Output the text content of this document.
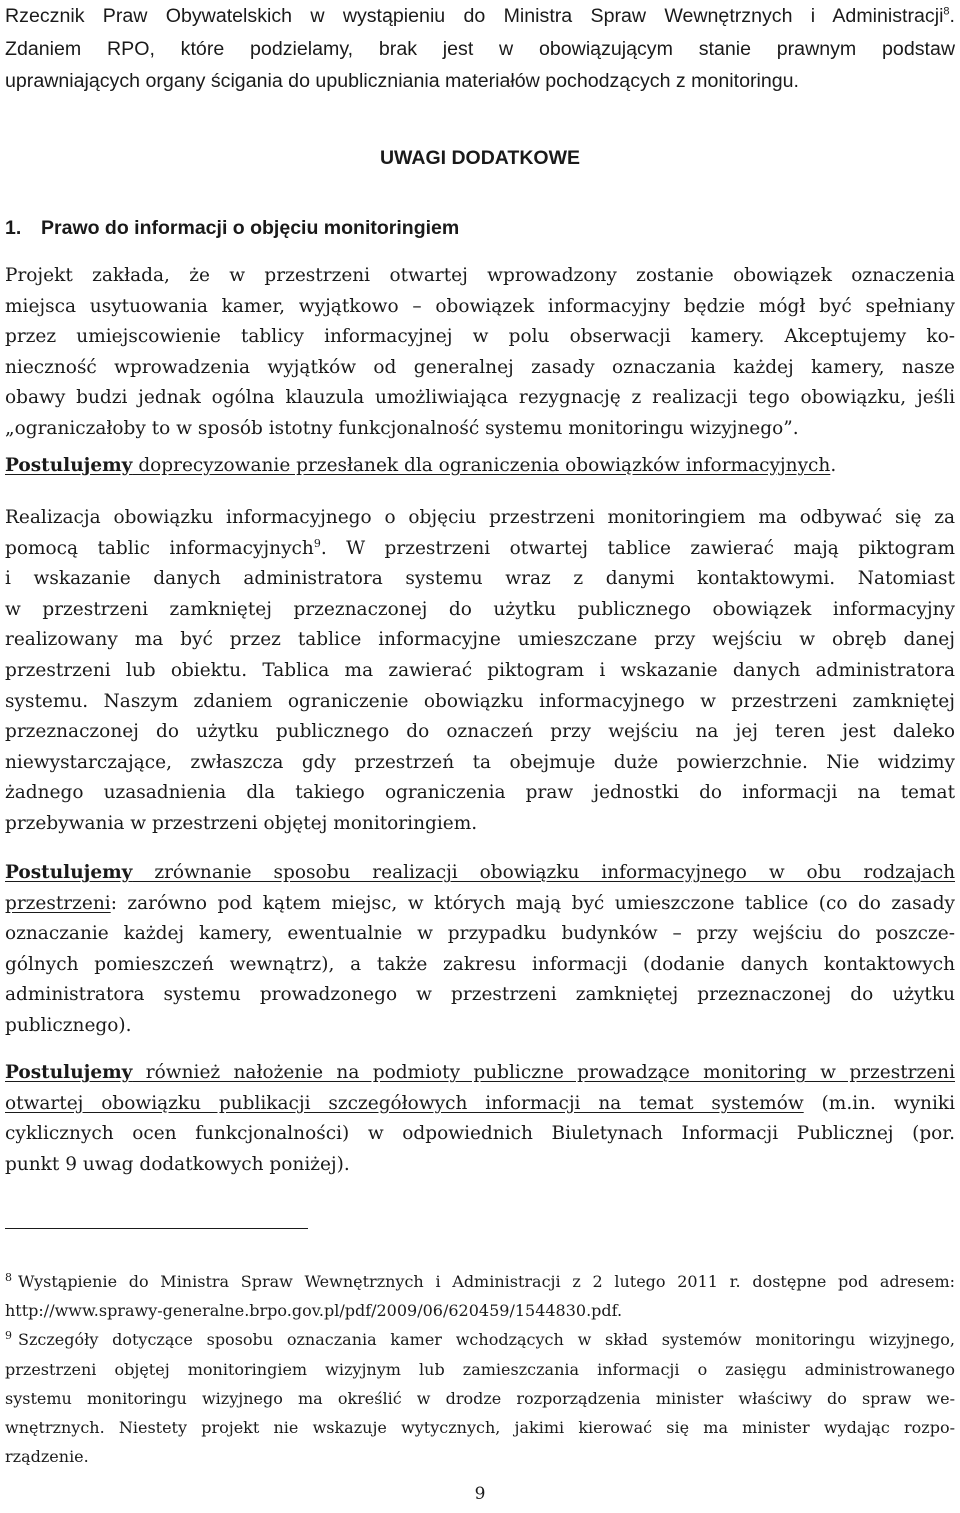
Rzecznik Praw Obywatelskich w wystąpieniu do Ministra Spraw Wewnętrznych i Administracji$^8$.
Zdaniem RPO, które podzielamy, brak jest w obowiązującym stanie prawnym podstaw
uprawniających organy ścigania do upubliczniania materiałów pochodzących z monitoringu.
UWAGI DODATKOWE
1. Prawo do informacji o objęciu monitoringiem
Projekt zakłada, że w przestrzeni otwartej wprowadzony zostanie obowiązek oznaczenia
miejsca usytuowania kamer, wyjątkowo – obowiązek informacyjny będzie mógł być spełniany
przez umiejscowienie tablicy informacyjnej w polu obserwacji kamery. Akceptujemy ko-
nieczność wprowadzenia wyjątków od generalnej zasady oznaczania każdej kamery, nasze
obawy budzi jednak ogólna klauzula umożliwiająca rezygnację z realizacji tego obowiązku, jeśli
„ograniczałoby to w sposób istotny funkcjonalność systemu monitoringu wizyjnego”.
Postulujemy doprecyzowanie przesłanek dla ograniczenia obowiązków informacyjnych.
Realizacja obowiązku informacyjnego o objęciu przestrzeni monitoringiem ma odbywać się za
pomocą tablic informacyjnych$^9$. W przestrzeni otwartej tablice zawierać mają piktogram
i wskazanie danych administratora systemu wraz z danymi kontaktowymi. Natomiast
w przestrzeni zamkniętej przeznaczonej do użytku publicznego obowiązek informacyjny
realizowany ma być przez tablice informacyjne umieszczane przy wejściu w obręb danej
przestrzeni lub obiektu. Tablica ma zawierać piktogram i wskazanie danych administratora
systemu. Naszym zdaniem ograniczenie obowiązku informacyjnego w przestrzeni zamkniętej
przeznaczonej do użytku publicznego do oznaczeń przy wejściu na jej teren jest daleko
niewystarczające, zwłaszcza gdy przestrzeń ta obejmuje duże powierzchnie. Nie widzimy
żadnego uzasadnienia dla takiego ograniczenia praw jednostki do informacji na temat
przebywania w przestrzeni objętej monitoringiem.
Postulujemy zrównanie sposobu realizacji obowiązku informacyjnego w obu rodzajach
przestrzeni: zarówno pod kątem miejsc, w których mają być umieszczone tablice (co do zasady
oznaczanie każdej kamery, ewentualnie w przypadku budynków – przy wejściu do poszcze-
gólnych pomieszczeń wewnątrz), a także zakresu informacji (dodanie danych kontaktowych
administratora systemu prowadzonego w przestrzeni zamkniętej przeznaczonej do użytku
publicznego).
Postulujemy również nałożenie na podmioty publiczne prowadzące monitoring w przestrzeni
otwartej obowiązku publikacji szczegółowych informacji na temat systemów (m.in. wyniki
cyklicznych ocen funkcjonalności) w odpowiednich Biuletynach Informacji Publicznej (por.
punkt 9 uwag dodatkowych poniżej).
$^8$ Wystąpienie do Ministra Spraw Wewnętrznych i Administracji z 2 lutego 2011 r. dostępne pod adresem:
http://www.sprawy-generalne.brpo.gov.pl/pdf/2009/06/620459/1544830.pdf.
$^9$ Szczegóły dotyczące sposobu oznaczania kamer wchodzących w skład systemów monitoringu wizyjnego,
przestrzeni objętej monitoringiem wizyjnym lub zamieszczania informacji o zasięgu administrowanego
systemu monitoringu wizyjnego ma określić w drodze rozporządzenia minister właściwy do spraw we-
wnętrznych. Niestety projekt nie wskazuje wytycznych, jakimi kierować się ma minister wydając rozpo-
rządzenie.
9
